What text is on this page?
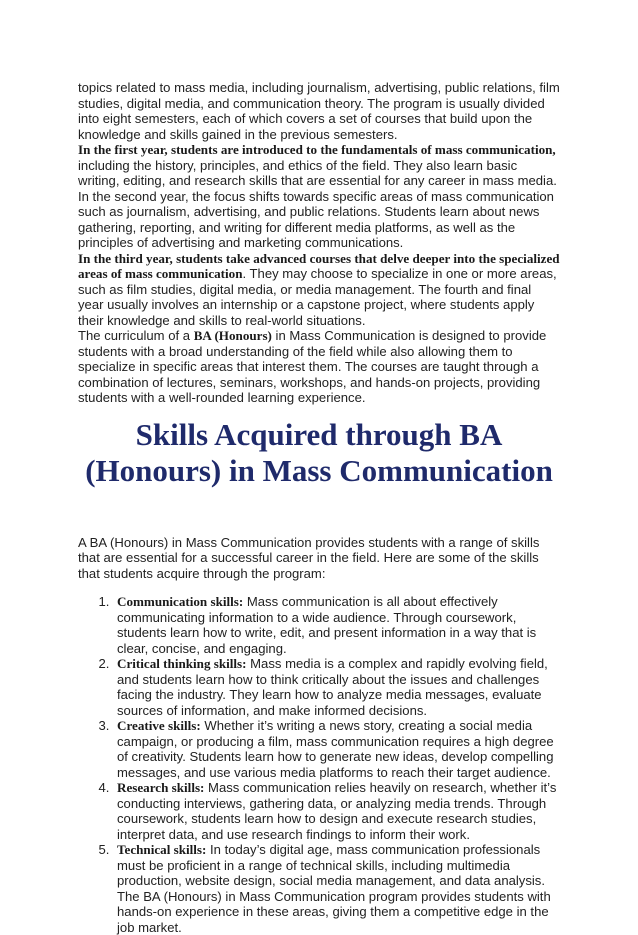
topics related to mass media, including journalism, advertising, public relations, film studies, digital media, and communication theory. The program is usually divided into eight semesters, each of which covers a set of courses that build upon the knowledge and skills gained in the previous semesters.

In the first year, students are introduced to the fundamentals of mass communication, including the history, principles, and ethics of the field. They also learn basic writing, editing, and research skills that are essential for any career in mass media. In the second year, the focus shifts towards specific areas of mass communication such as journalism, advertising, and public relations. Students learn about news gathering, reporting, and writing for different media platforms, as well as the principles of advertising and marketing communications.

In the third year, students take advanced courses that delve deeper into the specialized areas of mass communication. They may choose to specialize in one or more areas, such as film studies, digital media, or media management. The fourth and final year usually involves an internship or a capstone project, where students apply their knowledge and skills to real-world situations.

The curriculum of a BA (Honours) in Mass Communication is designed to provide students with a broad understanding of the field while also allowing them to specialize in specific areas that interest them. The courses are taught through a combination of lectures, seminars, workshops, and hands-on projects, providing students with a well-rounded learning experience.

Skills Acquired through BA (Honours) in Mass Communication

A BA (Honours) in Mass Communication provides students with a range of skills that are essential for a successful career in the field. Here are some of the skills that students acquire through the program:

1. Communication skills: Mass communication is all about effectively communicating information to a wide audience. Through coursework, students learn how to write, edit, and present information in a way that is clear, concise, and engaging.
2. Critical thinking skills: Mass media is a complex and rapidly evolving field, and students learn how to think critically about the issues and challenges facing the industry. They learn how to analyze media messages, evaluate sources of information, and make informed decisions.
3. Creative skills: Whether it’s writing a news story, creating a social media campaign, or producing a film, mass communication requires a high degree of creativity. Students learn how to generate new ideas, develop compelling messages, and use various media platforms to reach their target audience.
4. Research skills: Mass communication relies heavily on research, whether it’s conducting interviews, gathering data, or analyzing media trends. Through coursework, students learn how to design and execute research studies, interpret data, and use research findings to inform their work.
5. Technical skills: In today’s digital age, mass communication professionals must be proficient in a range of technical skills, including multimedia production, website design, social media management, and data analysis. The BA (Honours) in Mass Communication program provides students with hands-on experience in these areas, giving them a competitive edge in the job market.
